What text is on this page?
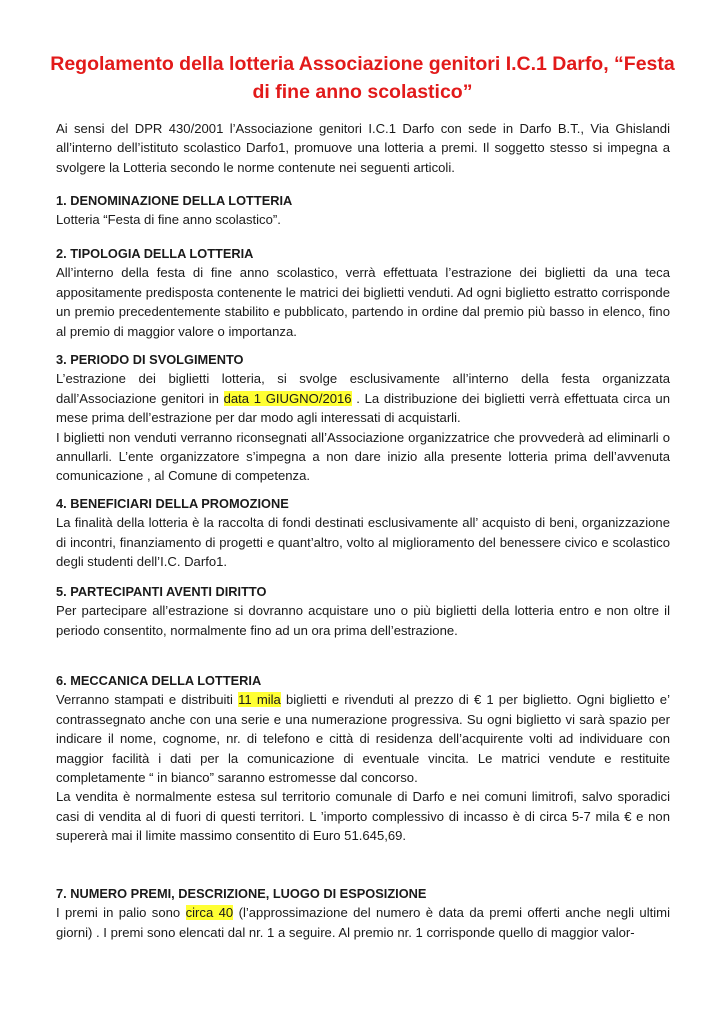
Regolamento della lotteria Associazione genitori I.C.1 Darfo, “Festa di fine anno scolastico”

Ai sensi del DPR 430/2001 l’Associazione genitori I.C.1 Darfo con sede in Darfo B.T., Via Ghislandi all’interno dell’istituto scolastico Darfo1, promuove una lotteria a premi. Il soggetto stesso si impegna a svolgere la Lotteria secondo le norme contenute nei seguenti articoli.

1. DENOMINAZIONE DELLA LOTTERIA

Lotteria “Festa di fine anno scolastico”.

2. TIPOLOGIA DELLA LOTTERIA

All’interno della festa di fine anno scolastico, verrà effettuata l’estrazione dei biglietti da una teca appositamente predisposta contenente le matrici dei biglietti venduti. Ad ogni biglietto estratto corrisponde un premio precedentemente stabilito e pubblicato, partendo in ordine dal premio più basso in elenco, fino al premio di maggior valore o importanza.

3. PERIODO DI SVOLGIMENTO

L’estrazione dei biglietti lotteria, si svolge esclusivamente all’interno della festa organizzata dall’Associazione genitori in data 1 GIUGNO/2016 . La distribuzione dei biglietti verrà effettuata circa un mese prima dell’estrazione per dar modo agli interessati di acquistarli.

I biglietti non venduti verranno riconsegnati all’Associazione organizzatrice che provvederà ad eliminarli o annullarli. L’ente organizzatore s’impegna a non dare inizio alla presente lotteria prima dell’avvenuta comunicazione , al Comune di competenza.

4. BENEFICIARI DELLA PROMOZIONE

La finalità della lotteria è la raccolta di fondi destinati esclusivamente all’ acquisto di beni, organizzazione di incontri, finanziamento di progetti e quant’altro, volto al miglioramento del benessere civico e scolastico degli studenti dell’I.C. Darfo1.

5. PARTECIPANTI AVENTI DIRITTO

Per partecipare all’estrazione si dovranno acquistare uno o più biglietti della lotteria entro e non oltre il periodo consentito, normalmente fino ad un ora prima dell’estrazione.

6. MECCANICA DELLA LOTTERIA

Verranno stampati e distribuiti 11 mila biglietti e rivenduti al prezzo di € 1 per biglietto. Ogni biglietto e’ contrassegnato anche con una serie e una numerazione progressiva. Su ogni biglietto vi sarà spazio per indicare il nome, cognome, nr. di telefono e città di residenza dell’acquirente volti ad individuare con maggior facilità i dati per la comunicazione di eventuale vincita. Le matrici vendute e restituite completamente “ in bianco” saranno estromesse dal concorso.

La vendita è normalmente estesa sul territorio comunale di Darfo e nei comuni limitrofi, salvo sporadici casi di vendita al di fuori di questi territori. L ’importo complessivo di incasso è di circa 5-7 mila € e non supererà mai il limite massimo consentito di Euro 51.645,69.

7. NUMERO PREMI, DESCRIZIONE, LUOGO DI ESPOSIZIONE

I premi in palio sono circa 40 (l’approssimazione del numero è data da premi offerti anche negli ultimi giorni) . I premi sono elencati dal nr. 1 a seguire. Al premio nr. 1 corrisponde quello di maggior valor-
